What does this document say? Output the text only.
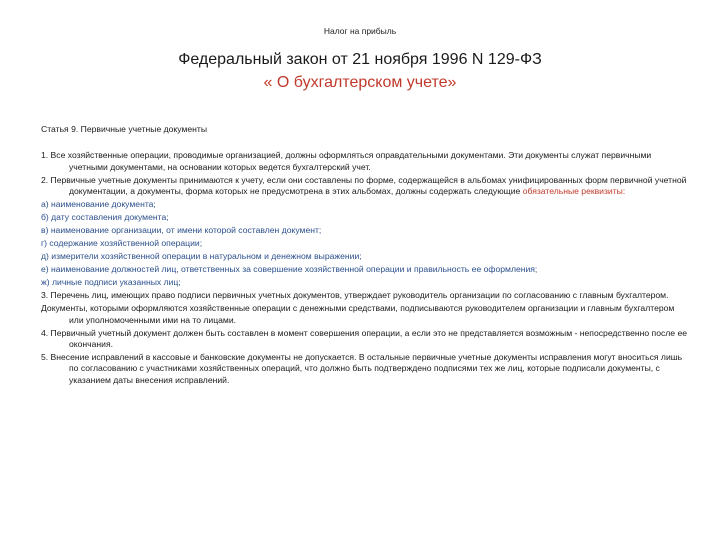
Налог на прибыль
Федеральный закон от 21 ноября 1996 N 129-ФЗ
« О бухгалтерском учете»
Статья 9. Первичные учетные документы
1. Все хозяйственные операции, проводимые организацией, должны оформляться оправдательными документами. Эти документы служат первичными учетными документами, на основании которых ведется бухгалтерский учет.
2. Первичные учетные документы принимаются к учету, если они составлены по форме, содержащейся в альбомах унифицированных форм первичной учетной документации, а документы, форма которых не предусмотрена в этих альбомах, должны содержать следующие обязательные реквизиты:
а) наименование документа;
б) дату составления документа;
в) наименование организации, от имени которой составлен документ;
г) содержание хозяйственной операции;
д) измерители хозяйственной операции в натуральном и денежном выражении;
е) наименование должностей лиц, ответственных за совершение хозяйственной операции и правильность ее оформления;
ж) личные подписи указанных лиц;
3. Перечень лиц, имеющих право подписи первичных учетных документов, утверждает руководитель организации по согласованию с главным бухгалтером.
Документы, которыми оформляются хозяйственные операции с денежными средствами, подписываются руководителем организации и главным бухгалтером или уполномоченными ими на то лицами.
4. Первичный учетный документ должен быть составлен в момент совершения операции, а если это не представляется возможным - непосредственно после ее окончания.
5. Внесение исправлений в кассовые и банковские документы не допускается. В остальные первичные учетные документы исправления могут вноситься лишь по согласованию с участниками хозяйственных операций, что должно быть подтверждено подписями тех же лиц, которые подписали документы, с указанием даты внесения исправлений.
